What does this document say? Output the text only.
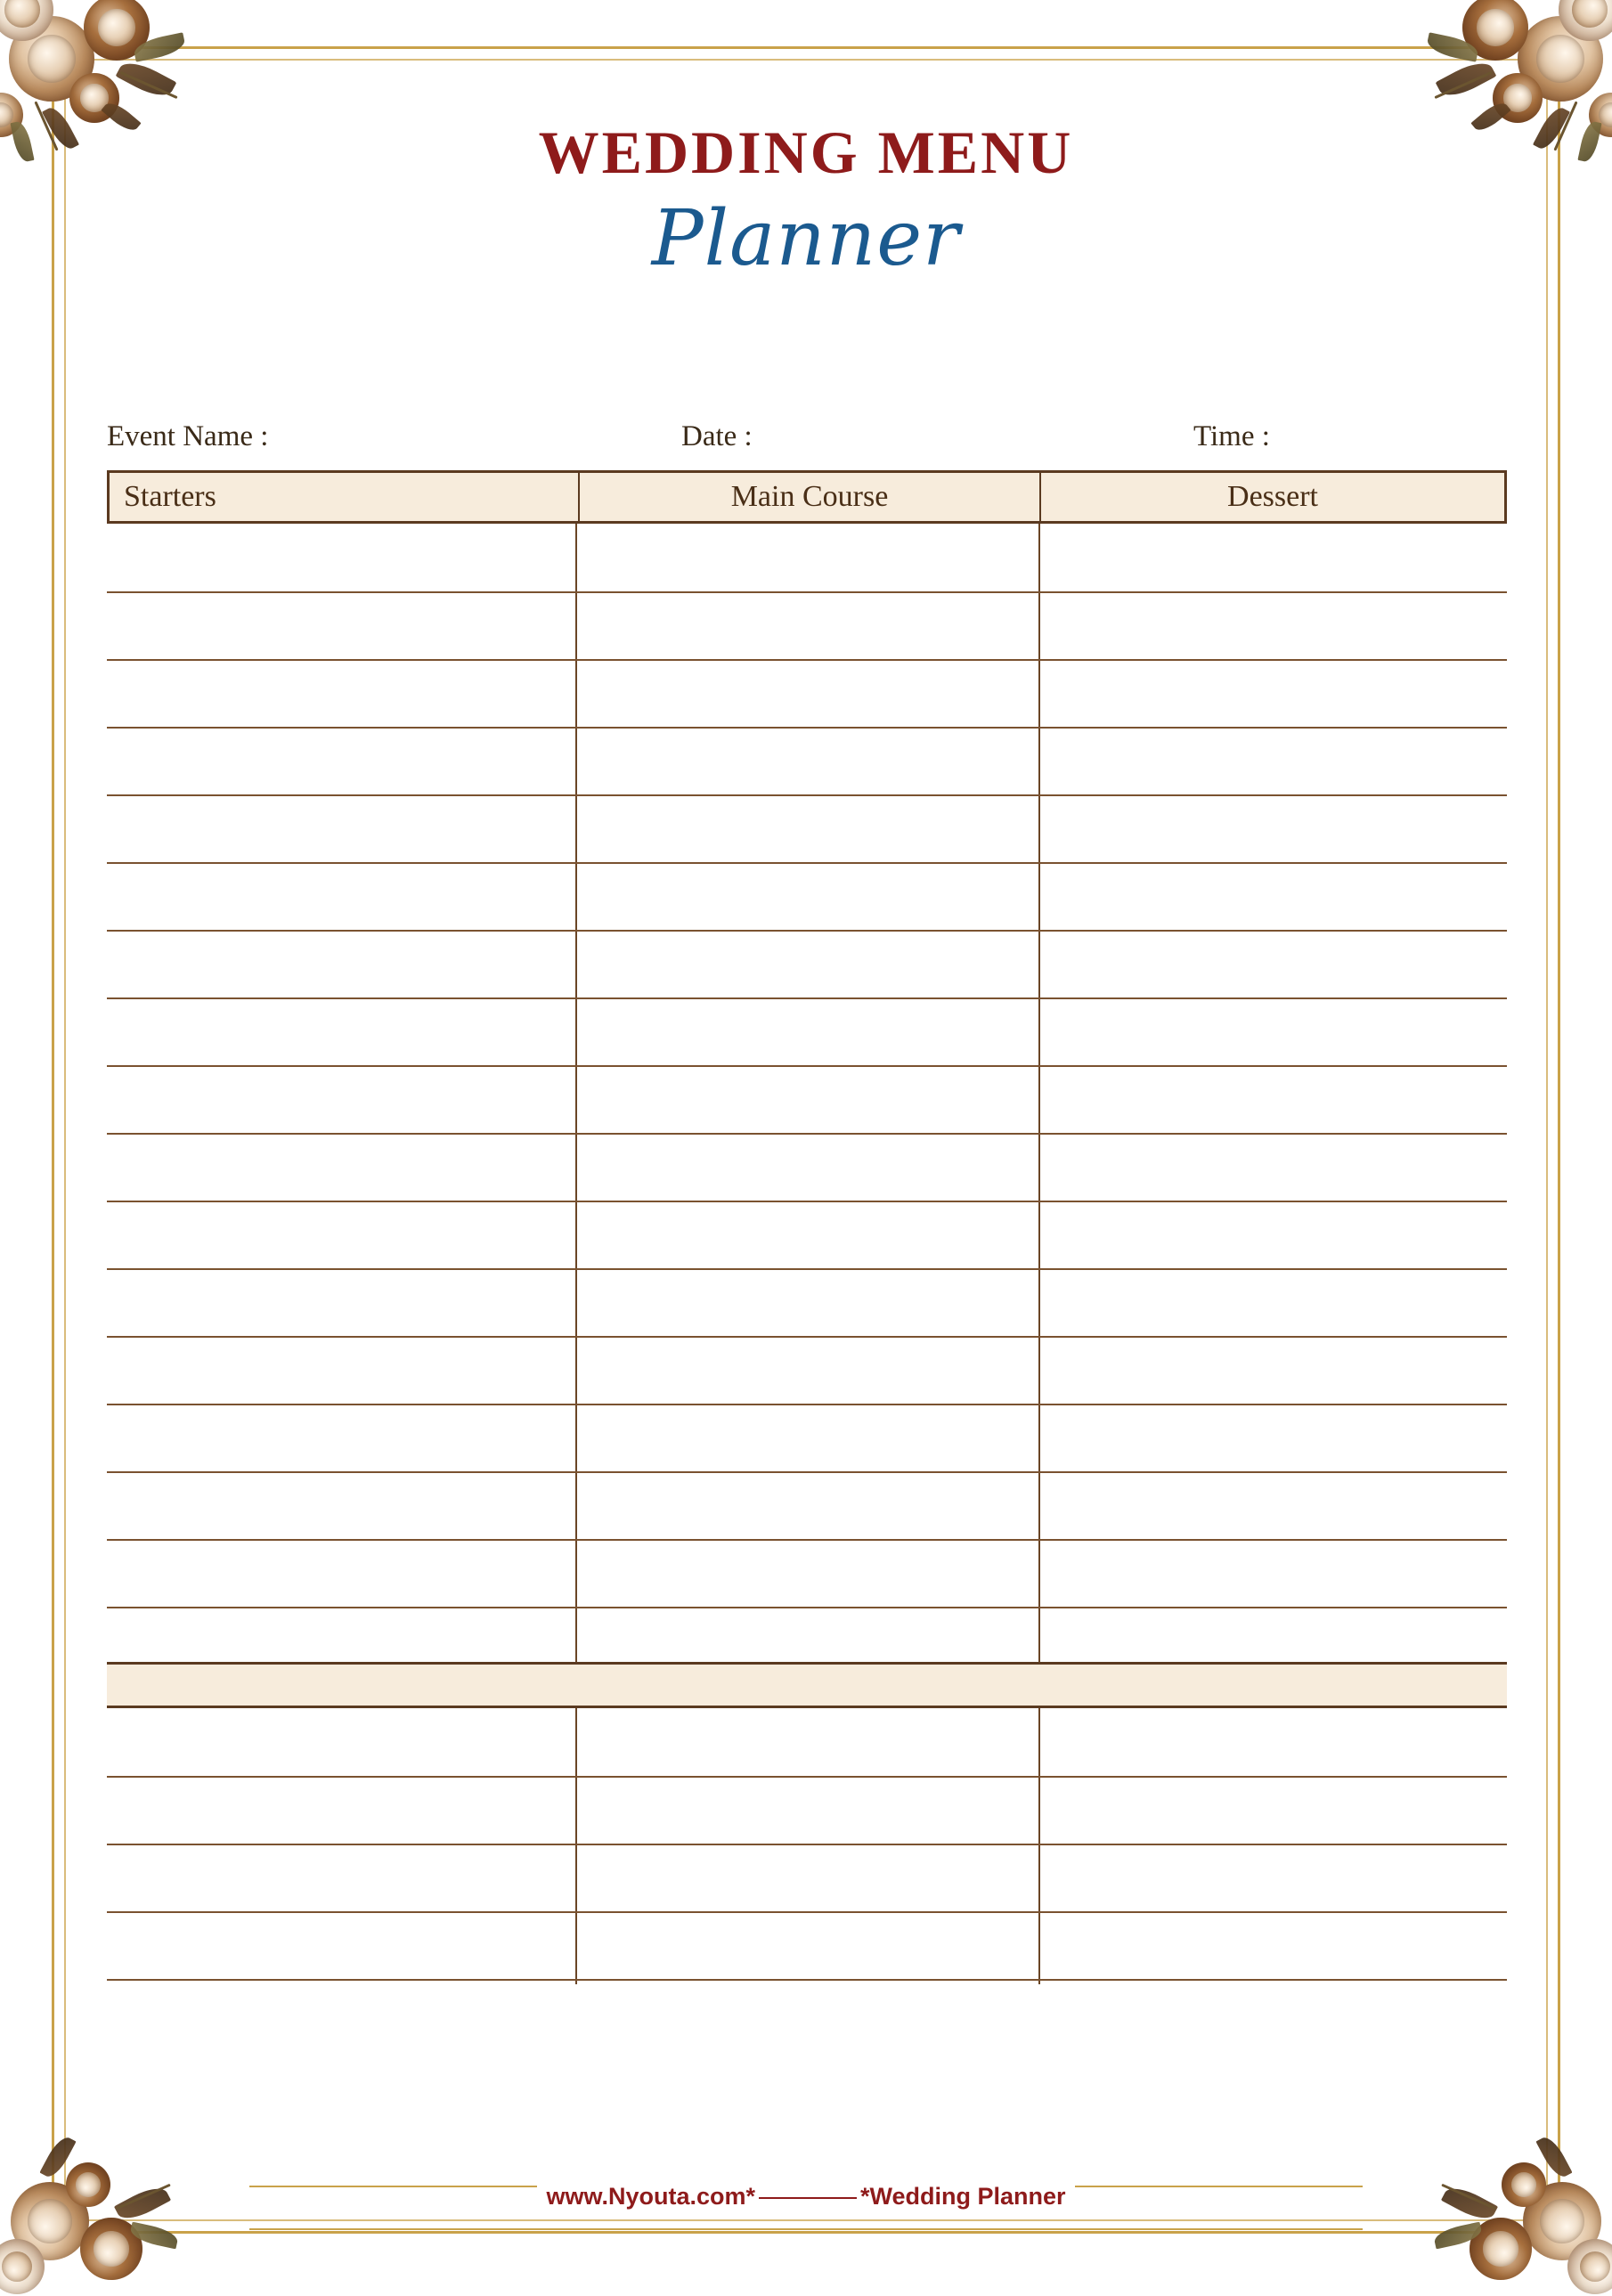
WEDDING MENU
Planner
Event Name :	Date :	Time :
Starters	Main Course	Dessert
www.Nyouta.com*	*Wedding Planner
